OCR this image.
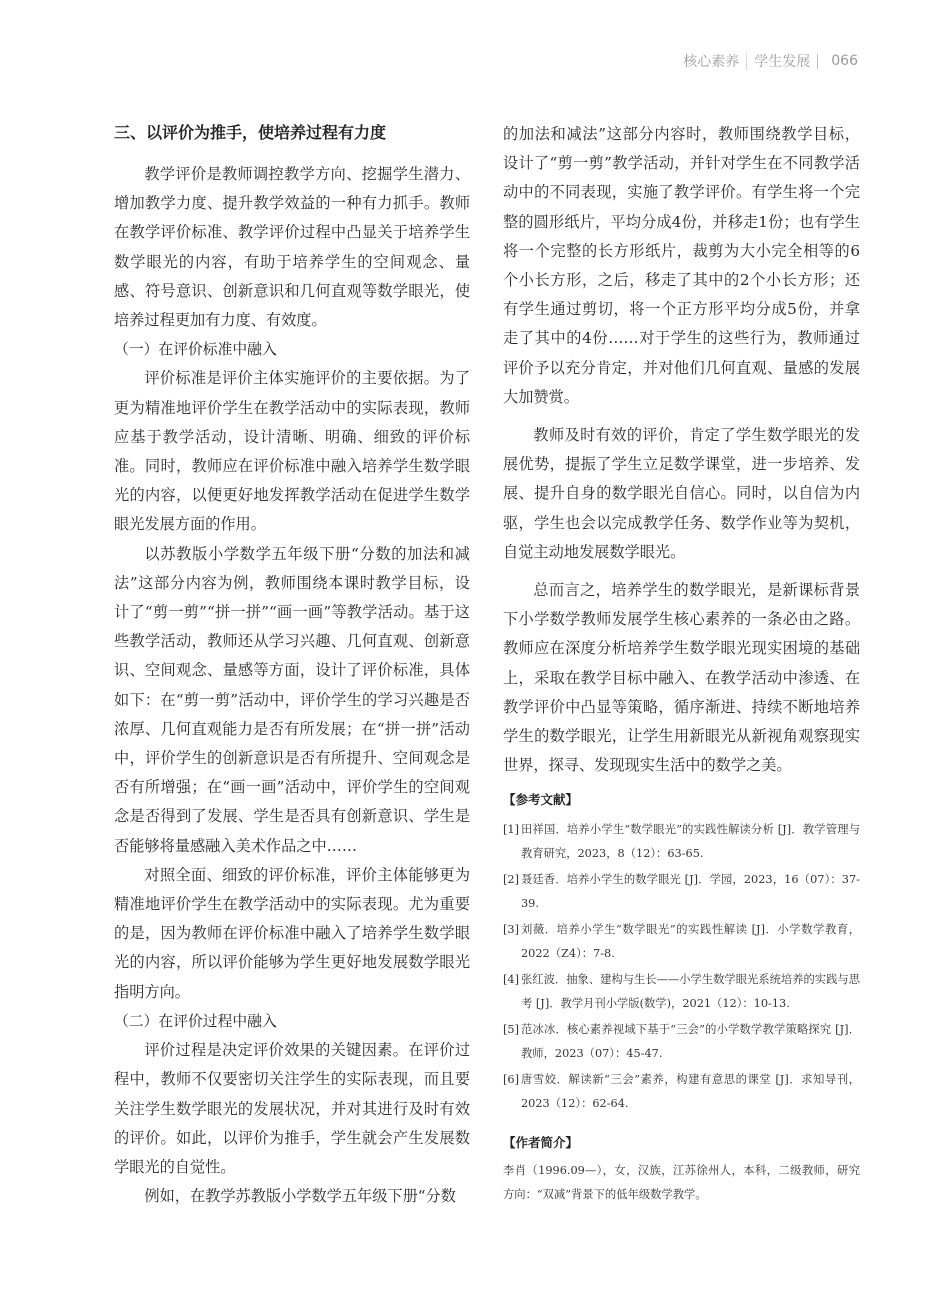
核心素养 学生发展 066
三、以评价为推手，使培养过程有力度

教学评价是教师调控教学方向、挖掘学生潜力、增加教学力度、提升教学效益的一种有力抓手。教师在教学评价标准、教学评价过程中凸显关于培养学生数学眼光的内容，有助于培养学生的空间观念、量感、符号意识、创新意识和几何直观等数学眼光，使培养过程更加有力度、有效度。

（一）在评价标准中融入

评价标准是评价主体实施评价的主要依据。为了更为精准地评价学生在教学活动中的实际表现，教师应基于教学活动，设计清晰、明确、细致的评价标准。同时，教师应在评价标准中融入培养学生数学眼光的内容，以便更好地发挥教学活动在促进学生数学眼光发展方面的作用。

以苏教版小学数学五年级下册“分数的加法和减法”这部分内容为例，教师围绕本课时教学目标，设计了“剪一剪”“拼一拼”“画一画”等教学活动。基于这些教学活动，教师还从学习兴趣、几何直观、创新意识、空间观念、量感等方面，设计了评价标准，具体如下：在“剪一剪”活动中，评价学生的学习兴趣是否浓厚、几何直观能力是否有所发展；在“拼一拼”活动中，评价学生的创新意识是否有所提升、空间观念是否有所增强；在“画一画”活动中，评价学生的空间观念是否得到了发展、学生是否具有创新意识、学生是否能够将量感融入美术作品之中……

对照全面、细致的评价标准，评价主体能够更为精准地评价学生在教学活动中的实际表现。尤为重要的是，因为教师在评价标准中融入了培养学生数学眼光的内容，所以评价能够为学生更好地发展数学眼光指明方向。

（二）在评价过程中融入

评价过程是决定评价效果的关键因素。在评价过程中，教师不仅要密切关注学生的实际表现，而且要关注学生数学眼光的发展状况，并对其进行及时有效的评价。如此，以评价为推手，学生就会产生发展数学眼光的自觉性。

例如，在教学苏教版小学数学五年级下册“分数

的加法和减法”这部分内容时，教师围绕教学目标，设计了“剪一剪”教学活动，并针对学生在不同教学活动中的不同表现，实施了教学评价。有学生将一个完整的圆形纸片，平均分成4份，并移走1份；也有学生将一个完整的长方形纸片，裁剪为大小完全相等的6个小长方形，之后，移走了其中的2个小长方形；还有学生通过剪切，将一个正方形平均分成5份，并拿走了其中的4份……对于学生的这些行为，教师通过评价予以充分肯定，并对他们几何直观、量感的发展大加赞赏。

教师及时有效的评价，肯定了学生数学眼光的发展优势，提振了学生立足数学课堂，进一步培养、发展、提升自身的数学眼光自信心。同时，以自信为内驱，学生也会以完成教学任务、数学作业等为契机，自觉主动地发展数学眼光。

总而言之，培养学生的数学眼光，是新课标背景下小学数学教师发展学生核心素养的一条必由之路。教师应在深度分析培养学生数学眼光现实困境的基础上，采取在教学目标中融入、在教学活动中渗透、在教学评价中凸显等策略，循序渐进、持续不断地培养学生的数学眼光，让学生用新眼光从新视角观察现实世界，探寻、发现现实生活中的数学之美。

【参考文献】
[1] 田祥国．培养小学生“数学眼光”的实践性解读分析 [J]．教学管理与教育研究，2023，8（12）：63-65.
[2] 聂廷香．培养小学生的数学眼光 [J]．学园，2023，16（07）：37-39.
[3] 刘薇．培养小学生“数学眼光”的实践性解读 [J]．小学数学教育，2022（Z4）：7-8.
[4] 张红波．抽象、建构与生长——小学生数学眼光系统培养的实践与思考 [J]．教学月刊小学版(数学)，2021（12）：10-13.
[5] 范冰冰．核心素养视域下基于“三会”的小学数学教学策略探究 [J]．教师，2023（07）：45-47.
[6] 唐雪姣．解读新“三会”素养，构建有意思的课堂 [J]．求知导刊，2023（12）：62-64.
【作者简介】
李肖（1996.09—），女，汉族，江苏徐州人，本科，二级教师，研究方向：“双减”背景下的低年级数学教学。
